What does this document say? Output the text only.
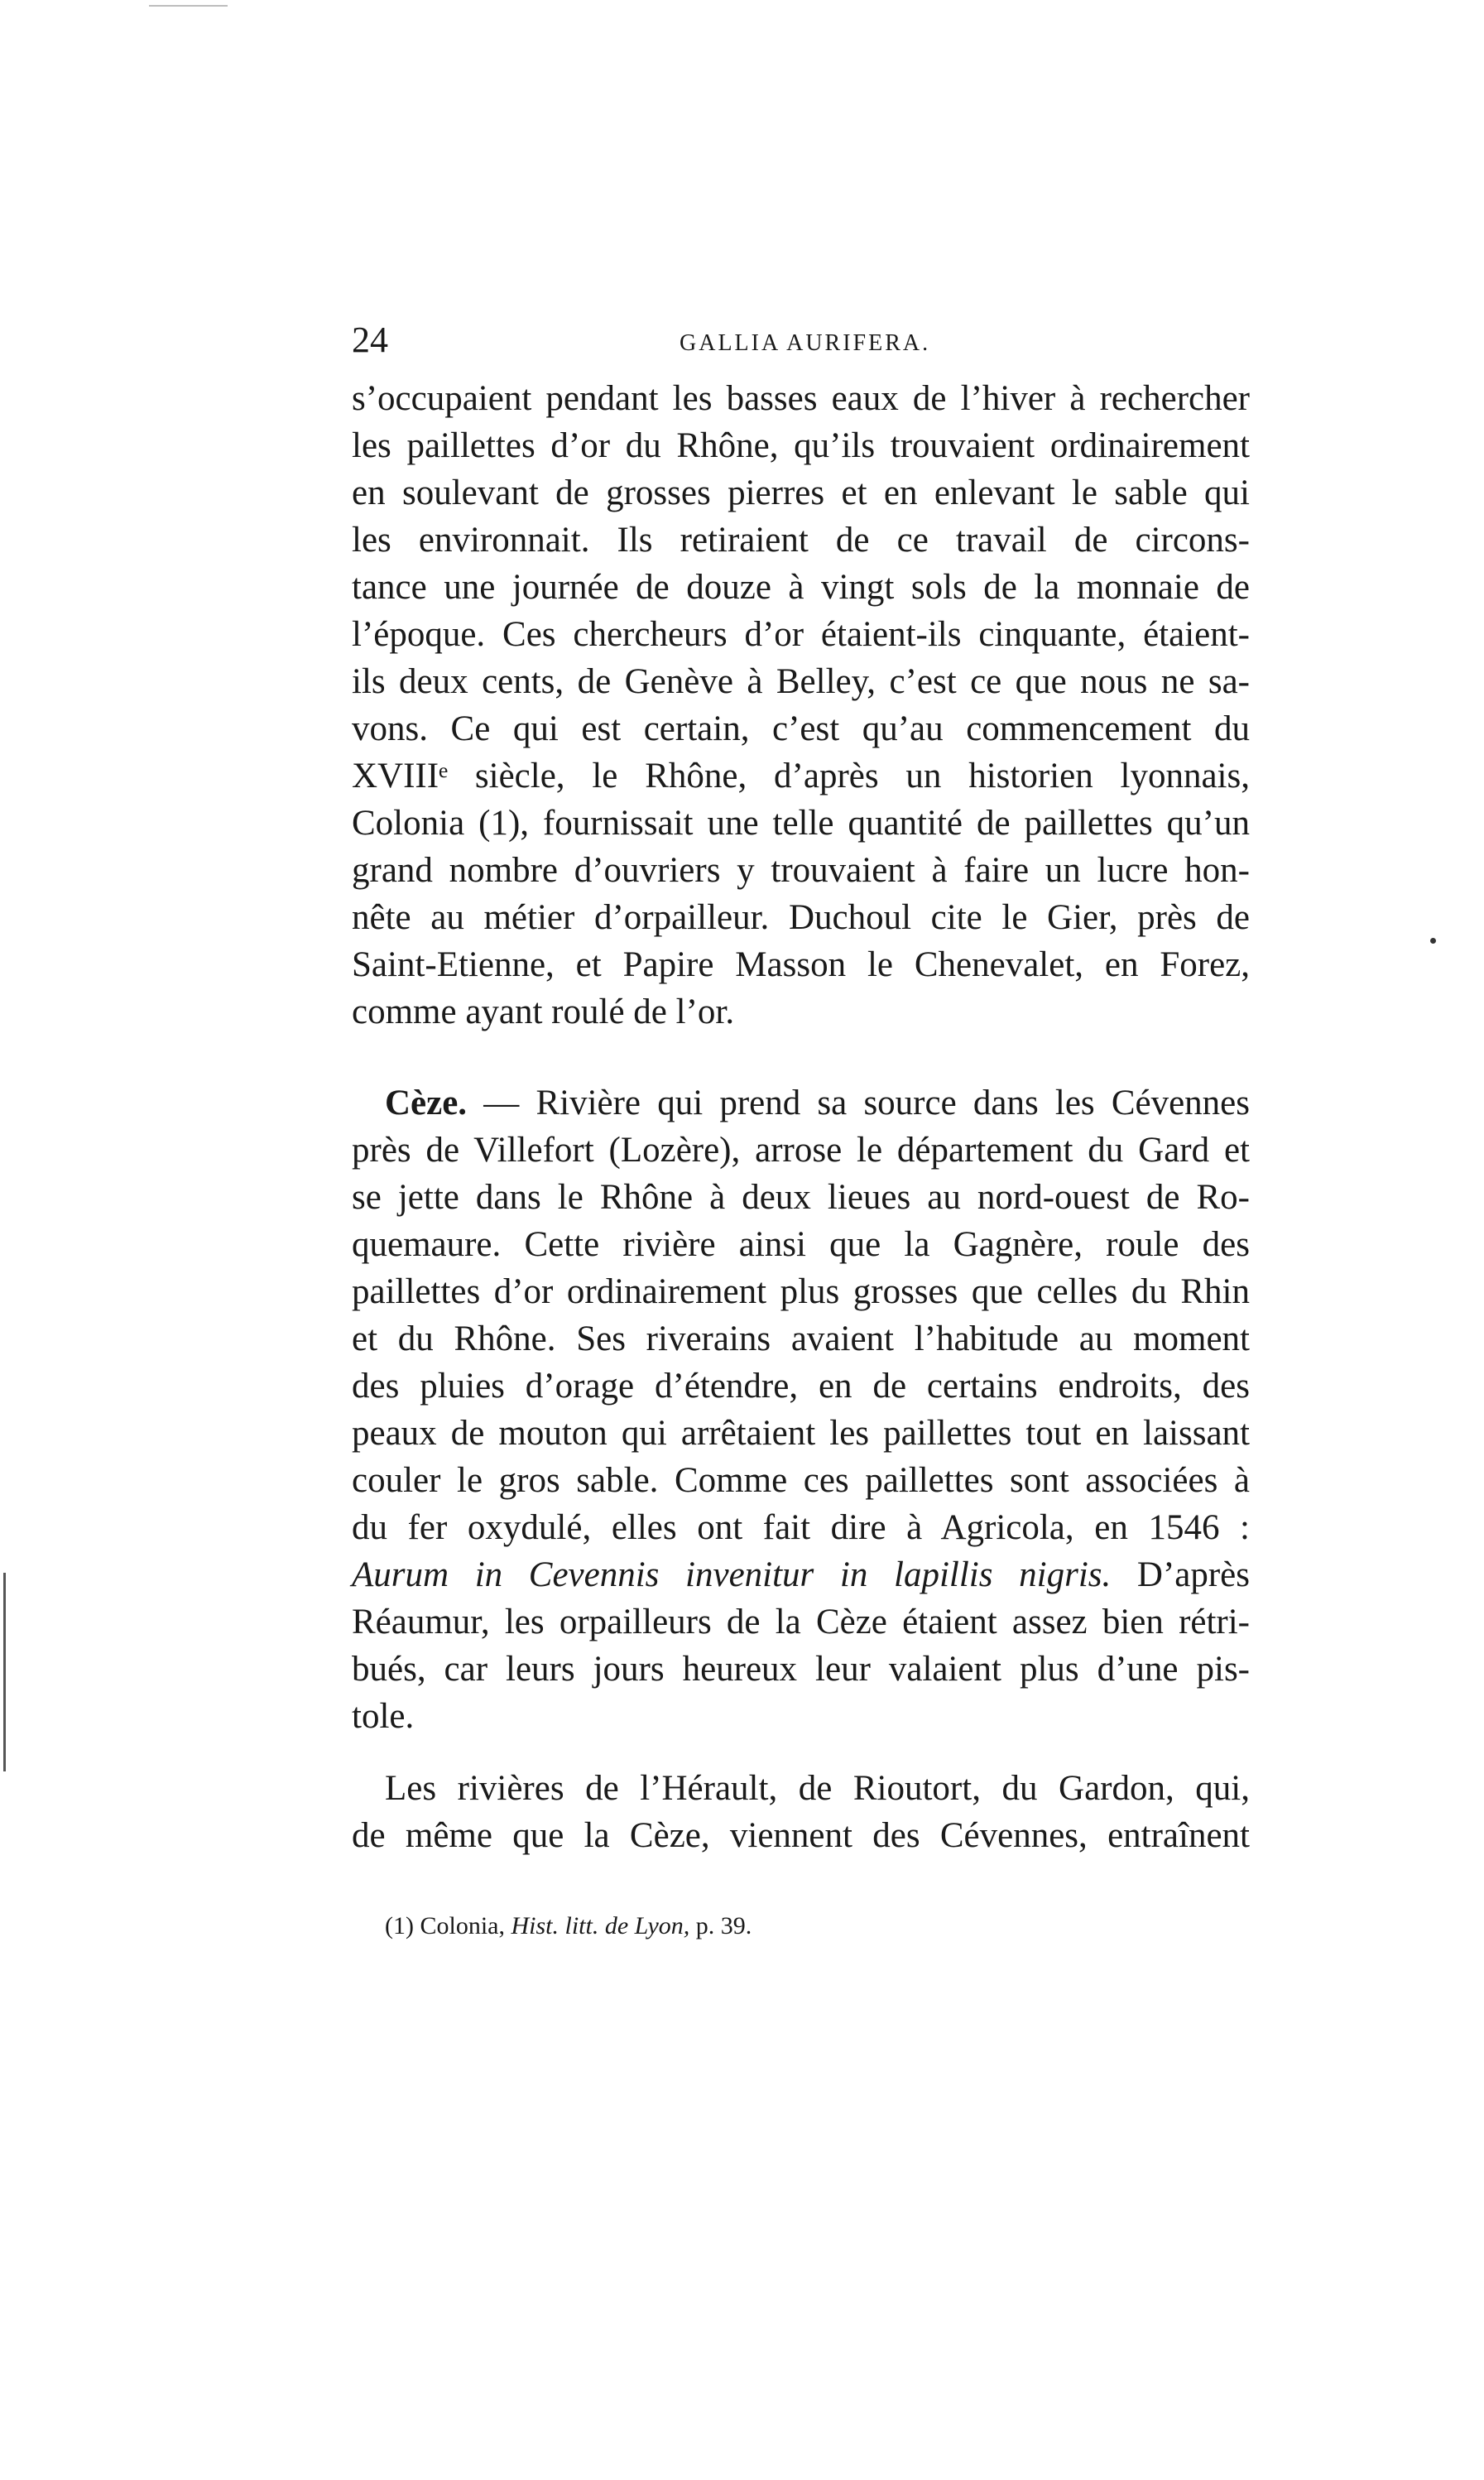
24	GALLIA AURIFERA.
s’occupaient pendant les basses eaux de l’hiver à rechercher
les paillettes d’or du Rhône, qu’ils trouvaient ordinairement
en soulevant de grosses pierres et en enlevant le sable qui
les environnait. Ils retiraient de ce travail de circons-
tance une journée de douze à vingt sols de la monnaie de
l’époque. Ces chercheurs d’or étaient-ils cinquante, étaient-
ils deux cents, de Genève à Belley, c’est ce que nous ne sa-
vons. Ce qui est certain, c’est qu’au commencement du
XVIIIᵉ siècle, le Rhône, d’après un historien lyonnais,
Colonia (1), fournissait une telle quantité de paillettes qu’un
grand nombre d’ouvriers y trouvaient à faire un lucre hon-
nête au métier d’orpailleur. Duchoul cite le Gier, près de
Saint-Etienne, et Papire Masson le Chenevalet, en Forez,
comme ayant roulé de l’or.
Cèze. — Rivière qui prend sa source dans les Cévennes
près de Villefort (Lozère), arrose le département du Gard et
se jette dans le Rhône à deux lieues au nord-ouest de Ro-
quemaure. Cette rivière ainsi que la Gagnère, roule des
paillettes d’or ordinairement plus grosses que celles du Rhin
et du Rhône. Ses riverains avaient l’habitude au moment
des pluies d’orage d’étendre, en de certains endroits, des
peaux de mouton qui arrêtaient les paillettes tout en laissant
couler le gros sable. Comme ces paillettes sont associées à
du fer oxydulé, elles ont fait dire à Agricola, en 1546 :
Aurum in Cevennis invenitur in lapillis nigris. D’après
Réaumur, les orpailleurs de la Cèze étaient assez bien rétri-
bués, car leurs jours heureux leur valaient plus d’une pis-
tole.
Les rivières de l’Hérault, de Rioutort, du Gardon, qui,
de même que la Cèze, viennent des Cévennes, entraînent
(1) Colonia, Hist. litt. de Lyon, p. 39.
